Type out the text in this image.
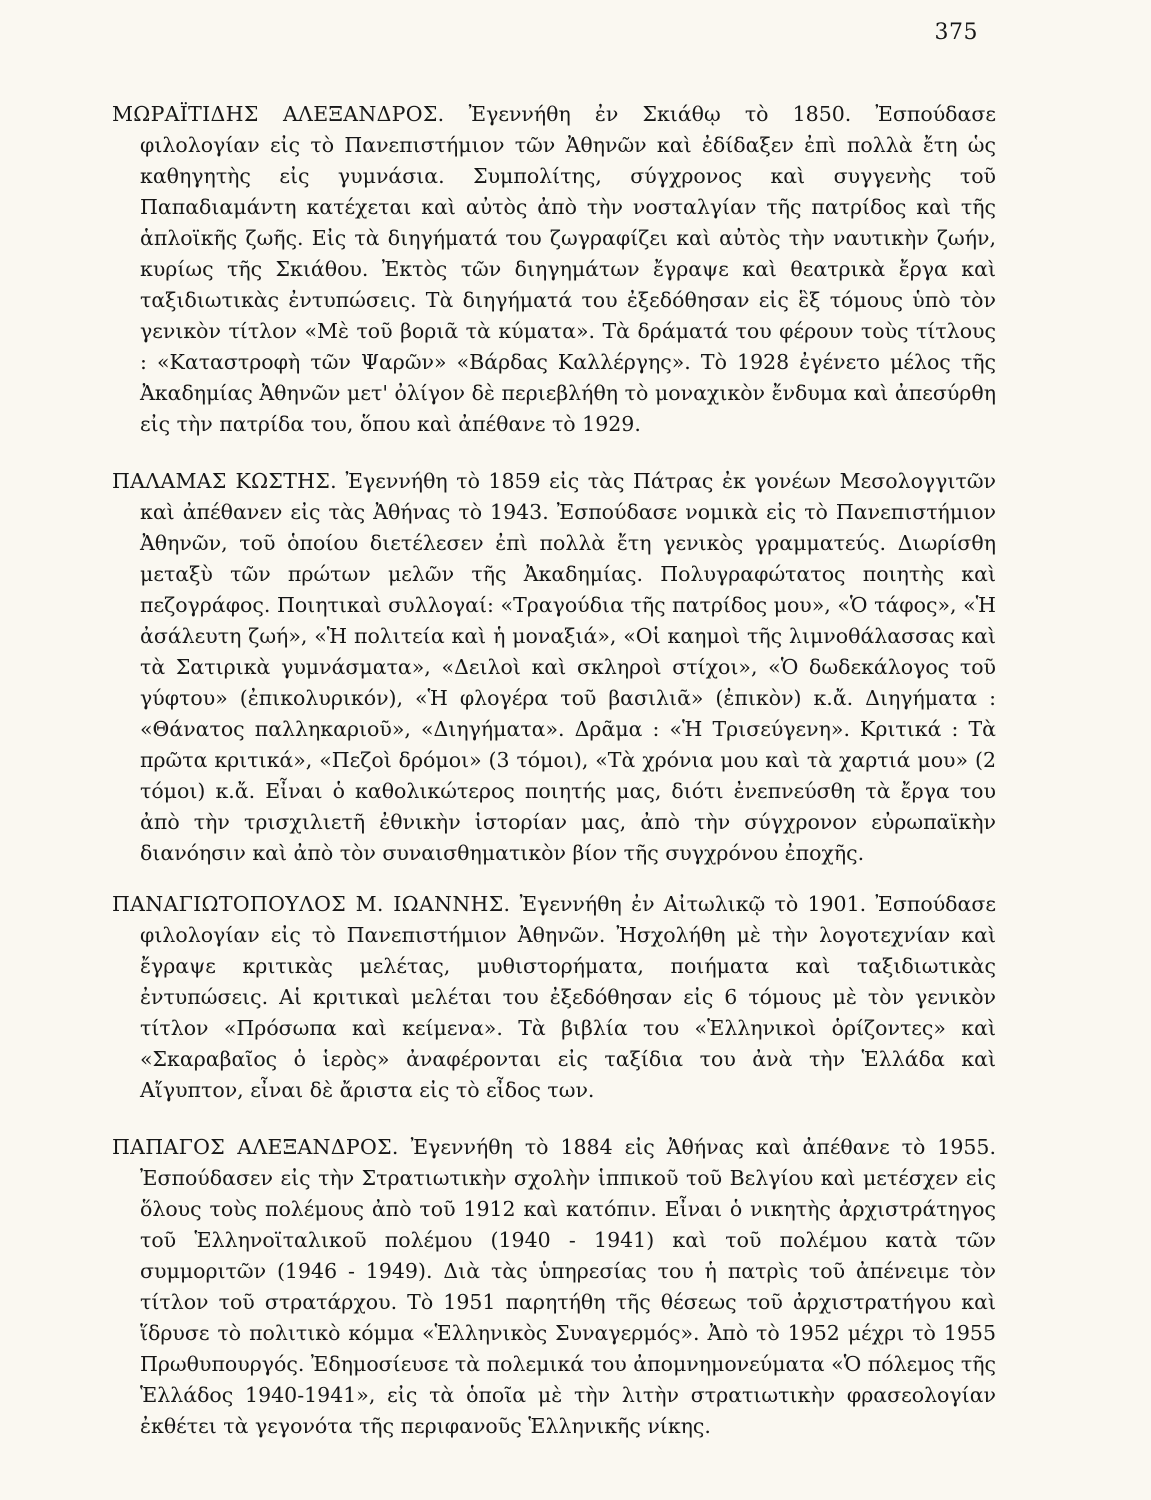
375

ΜΩΡΑΪΤΙΔΗΣ ΑΛΕΞΑΝΔΡΟΣ. Ἐγεννήθη ἐν Σκιάθῳ τὸ 1850. Ἐσπούδασε φιλολογίαν εἰς τὸ Πανεπιστήμιον τῶν Ἀθηνῶν καὶ ἐδίδαξεν ἐπὶ πολλὰ ἔτη ὡς καθηγητὴς εἰς γυμνάσια. Συμπολίτης, σύγχρονος καὶ συγγενὴς τοῦ Παπαδιαμάντη κατέχεται καὶ αὐτὸς ἀπὸ τὴν νοσταλγίαν τῆς πατρίδος καὶ τῆς ἁπλοϊκῆς ζωῆς. Εἰς τὰ διηγήματά του ζωγραφίζει καὶ αὐτὸς τὴν ναυτικὴν ζωήν, κυρίως τῆς Σκιάθου. Ἐκτὸς τῶν διηγημάτων ἔγραψε καὶ θεατρικὰ ἔργα καὶ ταξιδιωτικὰς ἐντυπώσεις. Τὰ διηγήματά του ἐξεδόθησαν εἰς ἓξ τόμους ὑπὸ τὸν γενικὸν τίτλον «Μὲ τοῦ βοριᾶ τὰ κύματα». Τὰ δράματά του φέρουν τοὺς τίτλους : «Καταστροφὴ τῶν Ψαρῶν» «Βάρδας Καλλέργης». Τὸ 1928 ἐγένετο μέλος τῆς Ἀκαδημίας Ἀθηνῶν μετ' ὀλίγον δὲ περιεβλήθη τὸ μοναχικὸν ἔνδυμα καὶ ἀπεσύρθη εἰς τὴν πατρίδα του, ὅπου καὶ ἀπέθανε τὸ 1929.

ΠΑΛΑΜΑΣ ΚΩΣΤΗΣ. Ἐγεννήθη τὸ 1859 εἰς τὰς Πάτρας ἐκ γονέων Μεσολογγιτῶν καὶ ἀπέθανεν εἰς τὰς Ἀθήνας τὸ 1943. Ἐσπούδασε νομικὰ εἰς τὸ Πανεπιστήμιον Ἀθηνῶν, τοῦ ὁποίου διετέλεσεν ἐπὶ πολλὰ ἔτη γενικὸς γραμματεύς. Διωρίσθη μεταξὺ τῶν πρώτων μελῶν τῆς Ἀκαδημίας. Πολυγραφώτατος ποιητὴς καὶ πεζογράφος. Ποιητικαὶ συλλογαί: «Τραγούδια τῆς πατρίδος μου», «Ὁ τάφος», «Ἡ ἀσάλευτη ζωή», «Ἡ πολιτεία καὶ ἡ μοναξιά», «Οἱ καημοὶ τῆς λιμνοθάλασσας καὶ τὰ Σατιρικὰ γυμνάσματα», «Δειλοὶ καὶ σκληροὶ στίχοι», «Ὁ δωδεκάλογος τοῦ γύφτου» (ἐπικολυρικόν), «Ἡ φλογέρα τοῦ βασιλιᾶ» (ἐπικὸν) κ.ἄ. Διηγήματα : «Θάνατος παλληκαριοῦ», «Διηγήματα». Δρᾶμα : «Ἡ Τρισεύγενη». Κριτικά : Τὰ πρῶτα κριτικά», «Πεζοὶ δρόμοι» (3 τόμοι), «Τὰ χρόνια μου καὶ τὰ χαρτιά μου» (2 τόμοι) κ.ἄ. Εἶναι ὁ καθολικώτερος ποιητής μας, διότι ἐνεπνεύσθη τὰ ἔργα του ἀπὸ τὴν τρισχιλιετῆ ἐθνικὴν ἱστορίαν μας, ἀπὸ τὴν σύγχρονον εὐρωπαϊκὴν διανόησιν καὶ ἀπὸ τὸν συναισθηματικὸν βίον τῆς συγχρόνου ἐποχῆς.

ΠΑΝΑΓΙΩΤΟΠΟΥΛΟΣ Μ. ΙΩΑΝΝΗΣ. Ἐγεννήθη ἐν Αἰτωλικῷ τὸ 1901. Ἐσπούδασε φιλολογίαν εἰς τὸ Πανεπιστήμιον Ἀθηνῶν. Ἠσχολήθη μὲ τὴν λογοτεχνίαν καὶ ἔγραψε κριτικὰς μελέτας, μυθιστορήματα, ποιήματα καὶ ταξιδιωτικὰς ἐντυπώσεις. Αἱ κριτικαὶ μελέται του ἐξεδόθησαν εἰς 6 τόμους μὲ τὸν γενικὸν τίτλον «Πρόσωπα καὶ κείμενα». Τὰ βιβλία του «Ἑλληνικοὶ ὁρίζοντες» καὶ «Σκαραβαῖος ὁ ἱερὸς» ἀναφέρονται εἰς ταξίδια του ἀνὰ τὴν Ἑλλάδα καὶ Αἴγυπτον, εἶναι δὲ ἄριστα εἰς τὸ εἶδος των.

ΠΑΠΑΓΟΣ ΑΛΕΞΑΝΔΡΟΣ. Ἐγεννήθη τὸ 1884 εἰς Ἀθήνας καὶ ἀπέθανε τὸ 1955. Ἐσπούδασεν εἰς τὴν Στρατιωτικὴν σχολὴν ἱππικοῦ τοῦ Βελγίου καὶ μετέσχεν εἰς ὅλους τοὺς πολέμους ἀπὸ τοῦ 1912 καὶ κατόπιν. Εἶναι ὁ νικητὴς ἀρχιστράτηγος τοῦ Ἑλληνοϊταλικοῦ πολέμου (1940 - 1941) καὶ τοῦ πολέμου κατὰ τῶν συμμοριτῶν (1946 - 1949). Διὰ τὰς ὑπηρεσίας του ἡ πατρὶς τοῦ ἀπένειμε τὸν τίτλον τοῦ στρατάρχου. Τὸ 1951 παρητήθη τῆς θέσεως τοῦ ἀρχιστρατήγου καὶ ἵδρυσε τὸ πολιτικὸ κόμμα «Ἑλληνικὸς Συναγερμός». Ἀπὸ τὸ 1952 μέχρι τὸ 1955 Πρωθυπουργός. Ἐδημοσίευσε τὰ πολεμικά του ἀπομνημονεύματα «Ὁ πόλεμος τῆς Ἑλλάδος 1940-1941», εἰς τὰ ὁποῖα μὲ τὴν λιτὴν στρατιωτικὴν φρασεολογίαν ἐκθέτει τὰ γεγονότα τῆς περιφανοῦς Ἑλληνικῆς νίκης.
